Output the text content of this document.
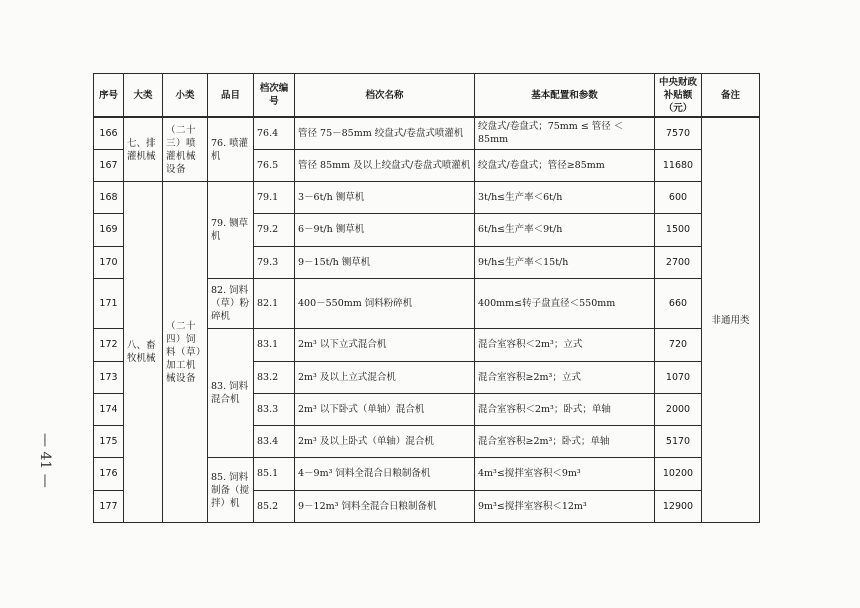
— 41 —
序号	大类	小类	品目	档次编号	档次名称	基本配置和参数	中央财政补贴额（元）	备注
166	七、排灌机械	（二十三）喷灌机械设备	76. 喷灌机	76.4	管径 75－85mm 绞盘式/卷盘式喷灌机	绞盘式/卷盘式；75mm ≤ 管径 ＜ 85mm	7570	非通用类
167				76.5	管径 85mm 及以上绞盘式/卷盘式喷灌机	绞盘式/卷盘式；管径≥85mm	11680	
168	八、畜牧机械	（二十四）饲料（草）加工机械设备	79. 铡草机	79.1	3－6t/h 铡草机	3t/h≤生产率＜6t/h	600	
169				79.2	6－9t/h 铡草机	6t/h≤生产率＜9t/h	1500	
170				79.3	9－15t/h 铡草机	9t/h≤生产率＜15t/h	2700	
171			82. 饲料（草）粉碎机	82.1	400－550mm 饲料粉碎机	400mm≤转子盘直径＜550mm	660	
172			83. 饲料混合机	83.1	2m³ 以下立式混合机	混合室容积＜2m³；立式	720	
173				83.2	2m³ 及以上立式混合机	混合室容积≥2m³；立式	1070	
174				83.3	2m³ 以下卧式（单轴）混合机	混合室容积＜2m³；卧式；单轴	2000	
175				83.4	2m³ 及以上卧式（单轴）混合机	混合室容积≥2m³；卧式；单轴	5170	
176			85. 饲料制备（搅拌）机	85.1	4－9m³ 饲料全混合日粮制备机	4m³≤搅拌室容积＜9m³	10200	
177				85.2	9－12m³ 饲料全混合日粮制备机	9m³≤搅拌室容积＜12m³	12900	
